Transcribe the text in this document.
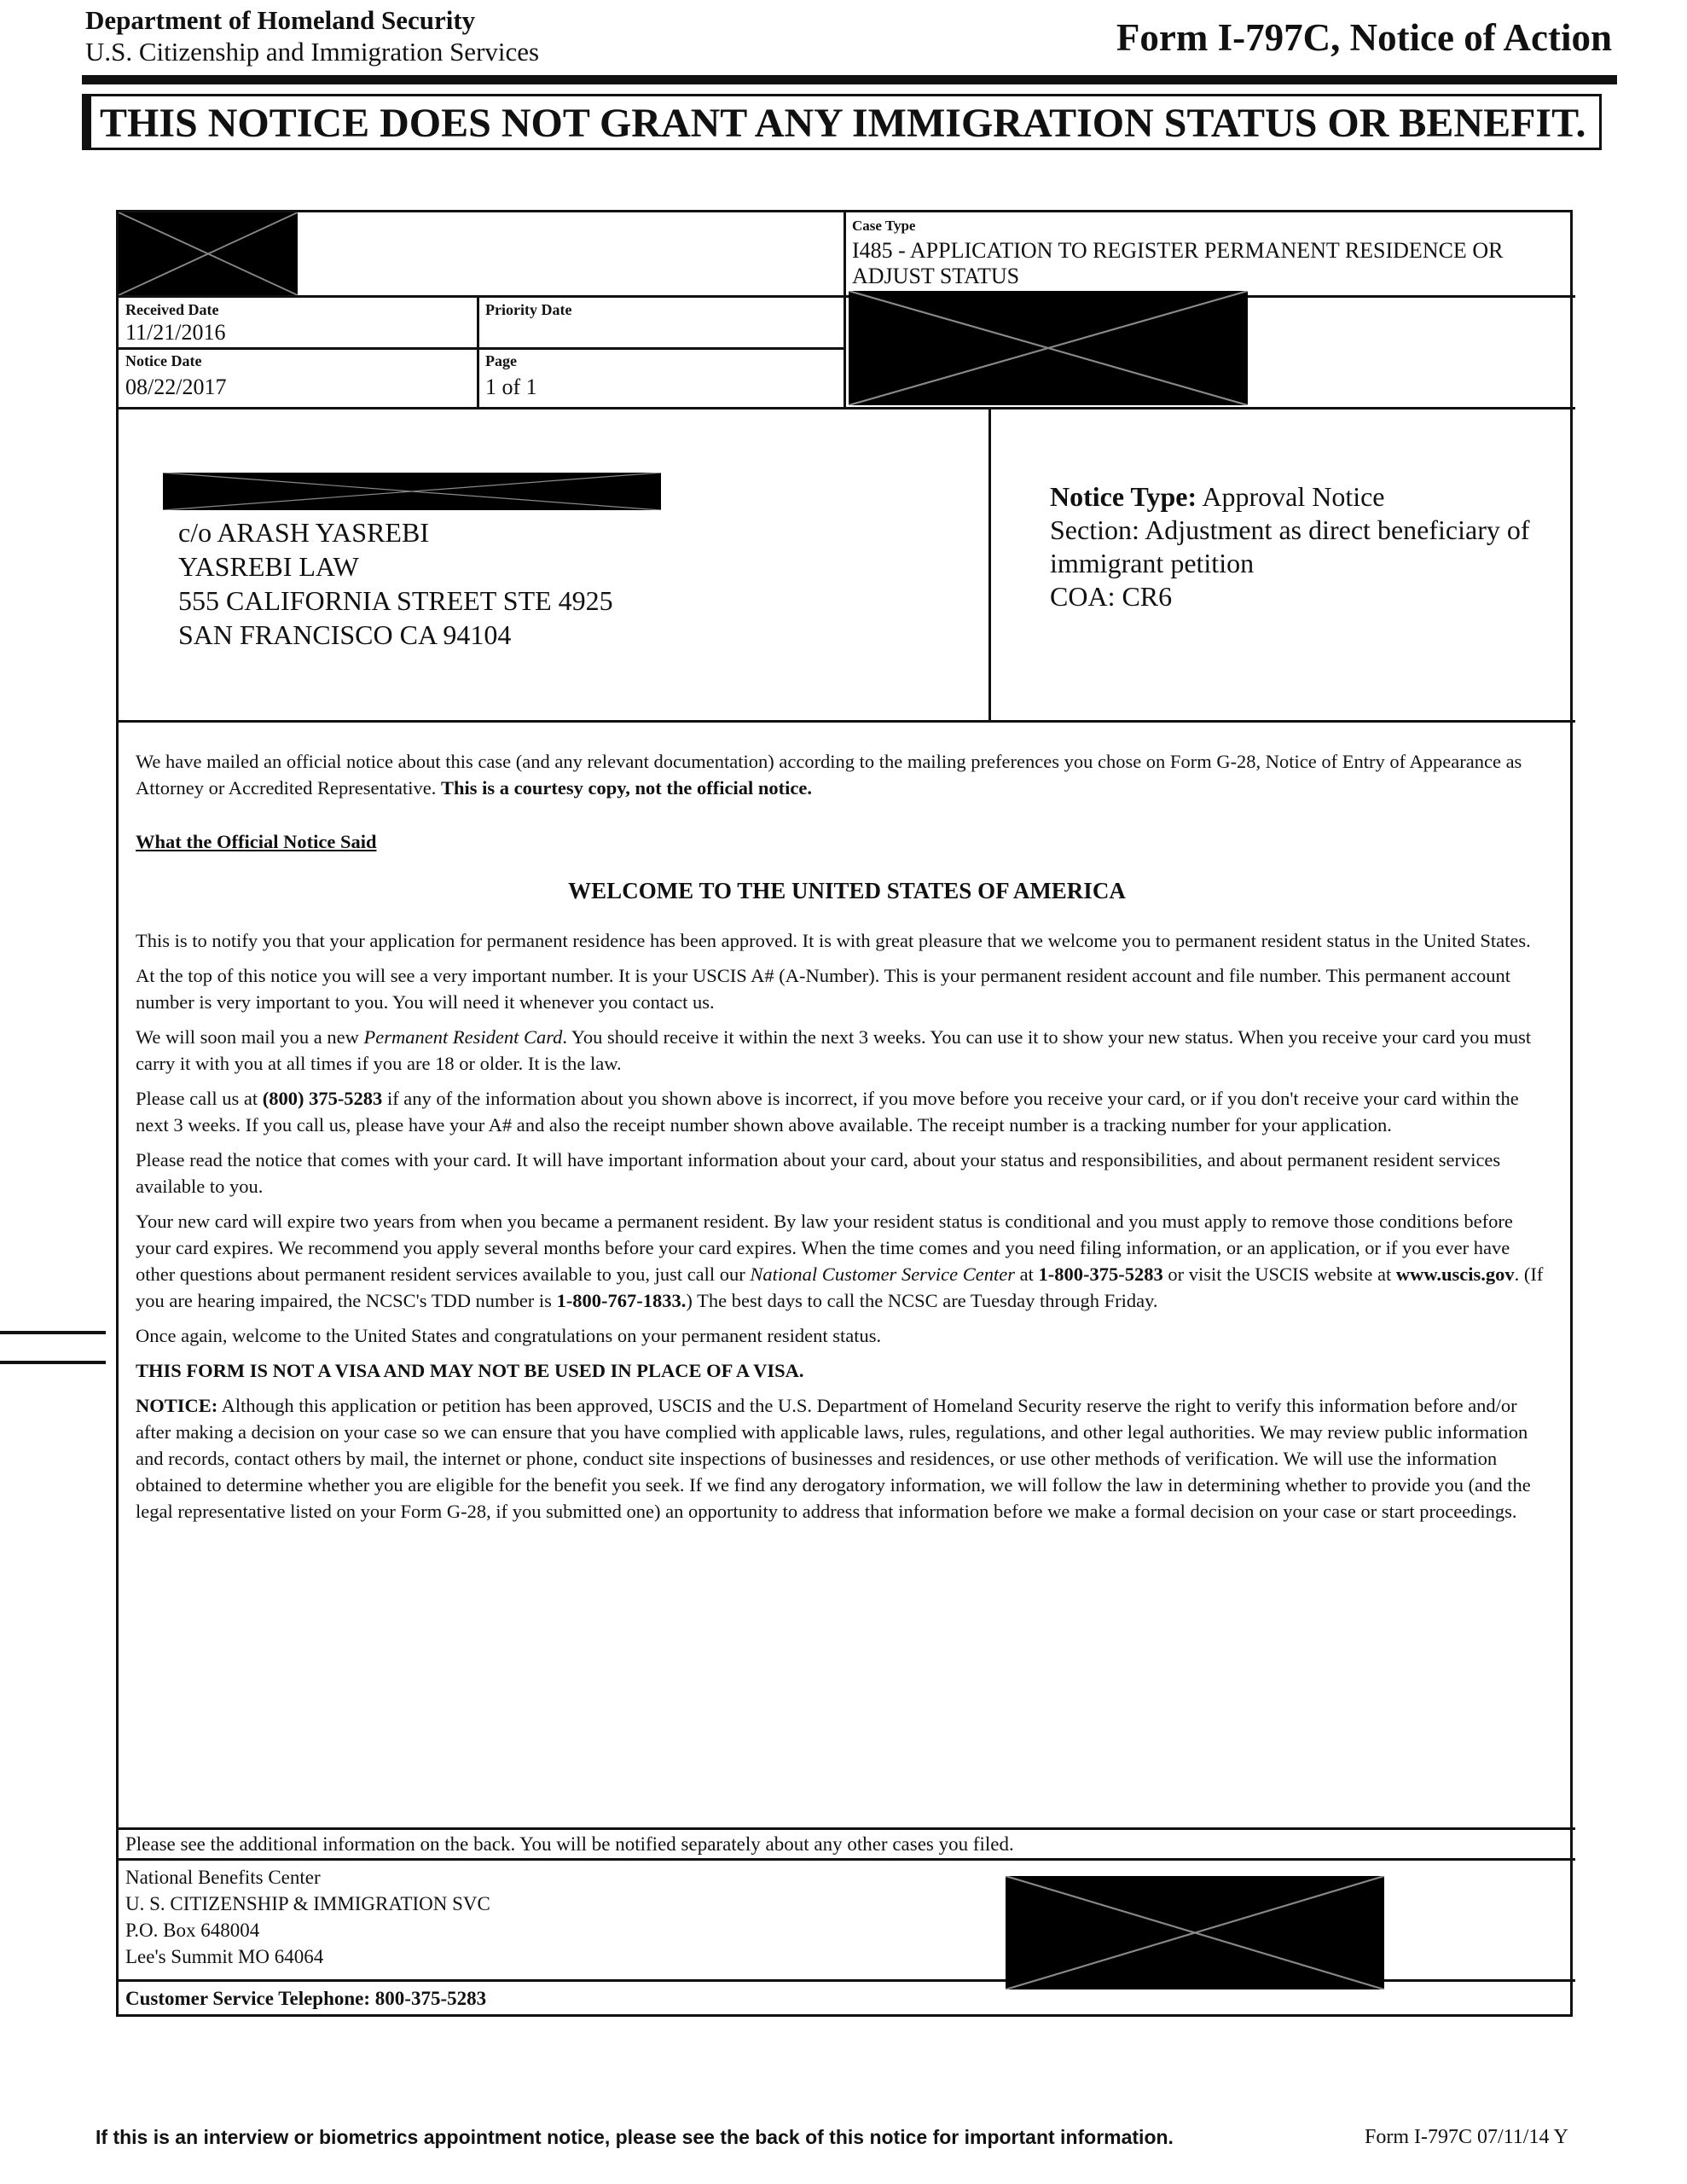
Department of Homeland Security
U.S. Citizenship and Immigration Services	Form I-797C, Notice of Action
THIS NOTICE DOES NOT GRANT ANY IMMIGRATION STATUS OR BENEFIT.
Case Type
I485 - APPLICATION TO REGISTER PERMANENT RESIDENCE OR
ADJUST STATUS
Received Date
11/21/2016
Priority Date
Notice Date
08/22/2017
Page
1 of 1
c/o ARASH YASREBI
YASREBI LAW
555 CALIFORNIA STREET STE 4925
SAN FRANCISCO CA 94104
Notice Type: Approval Notice
Section: Adjustment as direct beneficiary of immigrant petition
COA: CR6

We have mailed an official notice about this case (and any relevant documentation) according to the mailing preferences you chose on Form G-28, Notice of Entry of Appearance as Attorney or Accredited Representative. This is a courtesy copy, not the official notice.

What the Official Notice Said
WELCOME TO THE UNITED STATES OF AMERICA

This is to notify you that your application for permanent residence has been approved. It is with great pleasure that we welcome you to permanent resident status in the United States.

At the top of this notice you will see a very important number. It is your USCIS A# (A-Number). This is your permanent resident account and file number. This permanent account number is very important to you. You will need it whenever you contact us.

We will soon mail you a new Permanent Resident Card. You should receive it within the next 3 weeks. You can use it to show your new status. When you receive your card you must carry it with you at all times if you are 18 or older. It is the law.

Please call us at (800) 375-5283 if any of the information about you shown above is incorrect, if you move before you receive your card, or if you don't receive your card within the next 3 weeks. If you call us, please have your A# and also the receipt number shown above available. The receipt number is a tracking number for your application.

Please read the notice that comes with your card. It will have important information about your card, about your status and responsibilities, and about permanent resident services available to you.

Your new card will expire two years from when you became a permanent resident. By law your resident status is conditional and you must apply to remove those conditions before your card expires. We recommend you apply several months before your card expires. When the time comes and you need filing information, or an application, or if you ever have other questions about permanent resident services available to you, just call our National Customer Service Center at 1-800-375-5283 or visit the USCIS website at www.uscis.gov. (If you are hearing impaired, the NCSC's TDD number is 1-800-767-1833.) The best days to call the NCSC are Tuesday through Friday.

Once again, welcome to the United States and congratulations on your permanent resident status.

THIS FORM IS NOT A VISA AND MAY NOT BE USED IN PLACE OF A VISA.

NOTICE: Although this application or petition has been approved, USCIS and the U.S. Department of Homeland Security reserve the right to verify this information before and/or after making a decision on your case so we can ensure that you have complied with applicable laws, rules, regulations, and other legal authorities. We may review public information and records, contact others by mail, the internet or phone, conduct site inspections of businesses and residences, or use other methods of verification. We will use the information obtained to determine whether you are eligible for the benefit you seek. If we find any derogatory information, we will follow the law in determining whether to provide you (and the legal representative listed on your Form G-28, if you submitted one) an opportunity to address that information before we make a formal decision on your case or start proceedings.

Please see the additional information on the back. You will be notified separately about any other cases you filed.
National Benefits Center
U. S. CITIZENSHIP & IMMIGRATION SVC
P.O. Box 648004
Lee's Summit MO 64064
Customer Service Telephone: 800-375-5283
If this is an interview or biometrics appointment notice, please see the back of this notice for important information.	Form I-797C 07/11/14 Y
